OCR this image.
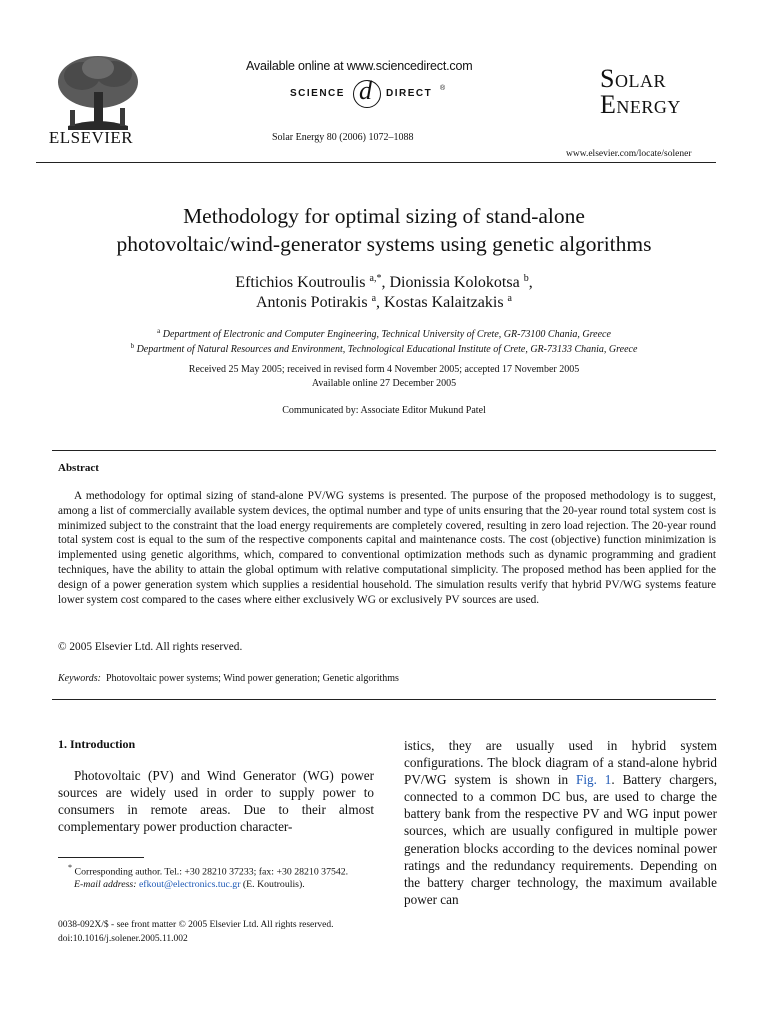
ELSEVIER
Available online at www.sciencedirect.com
SCIENCE d DIRECT ®
Solar Energy 80 (2006) 1072–1088
Solar
Energy
www.elsevier.com/locate/solener
Methodology for optimal sizing of stand-alone
photovoltaic/wind-generator systems using genetic algorithms
Eftichios Koutroulis $^{a,*}$, Dionissia Kolokotsa $^b$,
Antonis Potirakis $^a$, Kostas Kalaitzakis $^a$
$^a$ Department of Electronic and Computer Engineering, Technical University of Crete, GR-73100 Chania, Greece
$^b$ Department of Natural Resources and Environment, Technological Educational Institute of Crete, GR-73133 Chania, Greece
Received 25 May 2005; received in revised form 4 November 2005; accepted 17 November 2005
Available online 27 December 2005
Communicated by: Associate Editor Mukund Patel
Abstract
A methodology for optimal sizing of stand-alone PV/WG systems is presented. The purpose of the proposed methodology is to suggest, among a list of commercially available system devices, the optimal number and type of units ensuring that the 20-year round total system cost is minimized subject to the constraint that the load energy requirements are completely covered, resulting in zero load rejection. The 20-year round total system cost is equal to the sum of the respective components capital and maintenance costs. The cost (objective) function minimization is implemented using genetic algorithms, which, compared to conventional optimization methods such as dynamic programming and gradient techniques, have the ability to attain the global optimum with relative computational simplicity. The proposed method has been applied for the design of a power generation system which supplies a residential household. The simulation results verify that hybrid PV/WG systems feature lower system cost compared to the cases where either exclusively WG or exclusively PV sources are used.
© 2005 Elsevier Ltd. All rights reserved.
Keywords: Photovoltaic power systems; Wind power generation; Genetic algorithms
1. Introduction
Photovoltaic (PV) and Wind Generator (WG) power sources are widely used in order to supply power to consumers in remote areas. Due to their almost complementary power production character-
istics, they are usually used in hybrid system configurations. The block diagram of a stand-alone hybrid PV/WG system is shown in Fig. 1. Battery chargers, connected to a common DC bus, are used to charge the battery bank from the respective PV and WG input power sources, which are usually configured in multiple power generation blocks according to the devices nominal power ratings and the redundancy requirements. Depending on the battery charger technology, the maximum available power can
* Corresponding author. Tel.: +30 28210 37233; fax: +30 28210 37542.
E-mail address: efkout@electronics.tuc.gr (E. Koutroulis).
0038-092X/$ - see front matter © 2005 Elsevier Ltd. All rights reserved.
doi:10.1016/j.solener.2005.11.002
